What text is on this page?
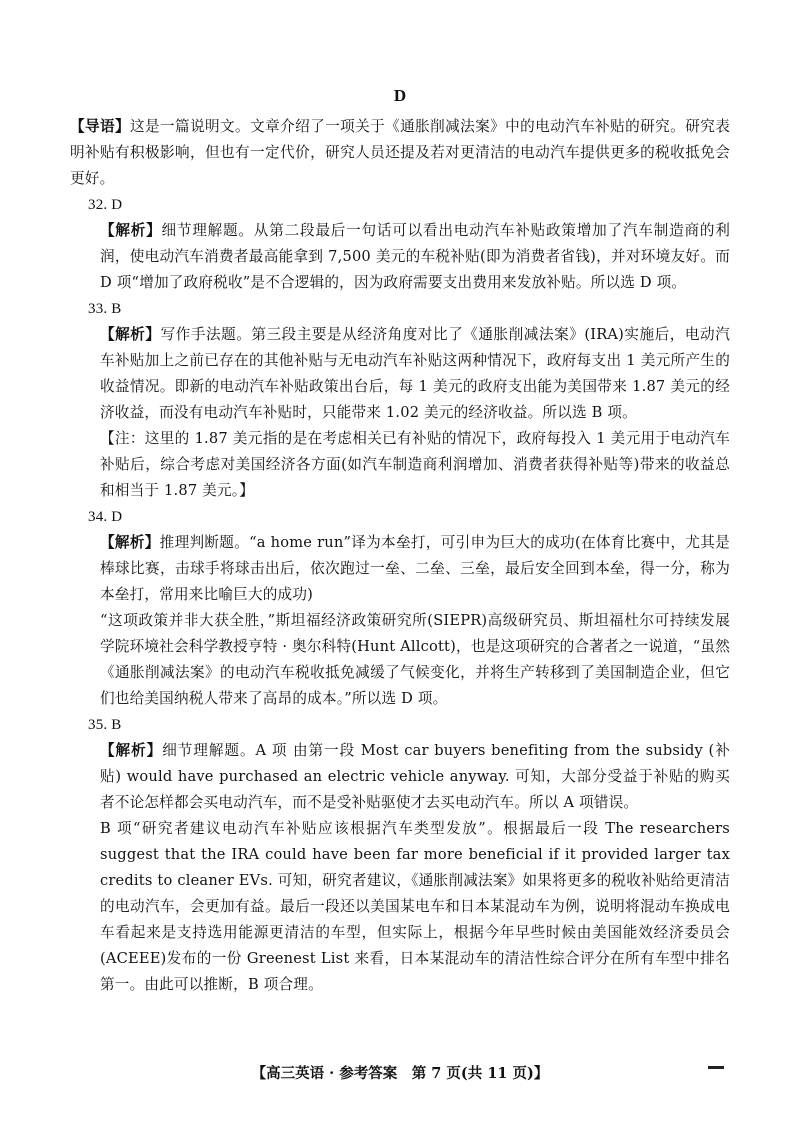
D

【导语】这是一篇说明文。文章介绍了一项关于《通胀削减法案》中的电动汽车补贴的研究。研究表明补贴有积极影响，但也有一定代价，研究人员还提及若对更清洁的电动汽车提供更多的税收抵免会更好。

32. D

【解析】细节理解题。从第二段最后一句话可以看出电动汽车补贴政策增加了汽车制造商的利润，使电动汽车消费者最高能拿到 7,500 美元的车税补贴(即为消费者省钱)，并对环境友好。而 D 项“增加了政府税收”是不合逻辑的，因为政府需要支出费用来发放补贴。所以选 D 项。

33. B

【解析】写作手法题。第三段主要是从经济角度对比了《通胀削减法案》(IRA)实施后，电动汽车补贴加上之前已存在的其他补贴与无电动汽车补贴这两种情况下，政府每支出 1 美元所产生的收益情况。即新的电动汽车补贴政策出台后，每 1 美元的政府支出能为美国带来 1.87 美元的经济收益，而没有电动汽车补贴时，只能带来 1.02 美元的经济收益。所以选 B 项。

【注：这里的 1.87 美元指的是在考虑相关已有补贴的情况下，政府每投入 1 美元用于电动汽车补贴后，综合考虑对美国经济各方面(如汽车制造商利润增加、消费者获得补贴等)带来的收益总和相当于 1.87 美元。】

34. D

【解析】推理判断题。“a home run”译为本垒打，可引申为巨大的成功(在体育比赛中，尤其是棒球比赛，击球手将球击出后，依次跑过一垒、二垒、三垒，最后安全回到本垒，得一分，称为本垒打，常用来比喻巨大的成功)

“这项政策并非大获全胜，”斯坦福经济政策研究所(SIEPR)高级研究员、斯坦福杜尔可持续发展学院环境社会科学教授亨特 · 奥尔科特(Hunt Allcott)，也是这项研究的合著者之一说道，“虽然《通胀削减法案》的电动汽车税收抵免减缓了气候变化，并将生产转移到了美国制造企业，但它们也给美国纳税人带来了高昂的成本。”所以选 D 项。

35. B

【解析】细节理解题。A 项 由第一段 Most car buyers benefiting from the subsidy (补贴) would have purchased an electric vehicle anyway. 可知，大部分受益于补贴的购买者不论怎样都会买电动汽车，而不是受补贴驱使才去买电动汽车。所以 A 项错误。

B 项“研究者建议电动汽车补贴应该根据汽车类型发放”。根据最后一段 The researchers suggest that the IRA could have been far more beneficial if it provided larger tax credits to cleaner EVs. 可知，研究者建议，《通胀削减法案》如果将更多的税收补贴给更清洁的电动汽车，会更加有益。最后一段还以美国某电车和日本某混动车为例，说明将混动车换成电车看起来是支持选用能源更清洁的车型，但实际上，根据今年早些时候由美国能效经济委员会(ACEEE)发布的一份 Greenest List 来看，日本某混动车的清洁性综合评分在所有车型中排名第一。由此可以推断，B 项合理。

【高三英语 · 参考答案　第 7 页(共 11 页)】
